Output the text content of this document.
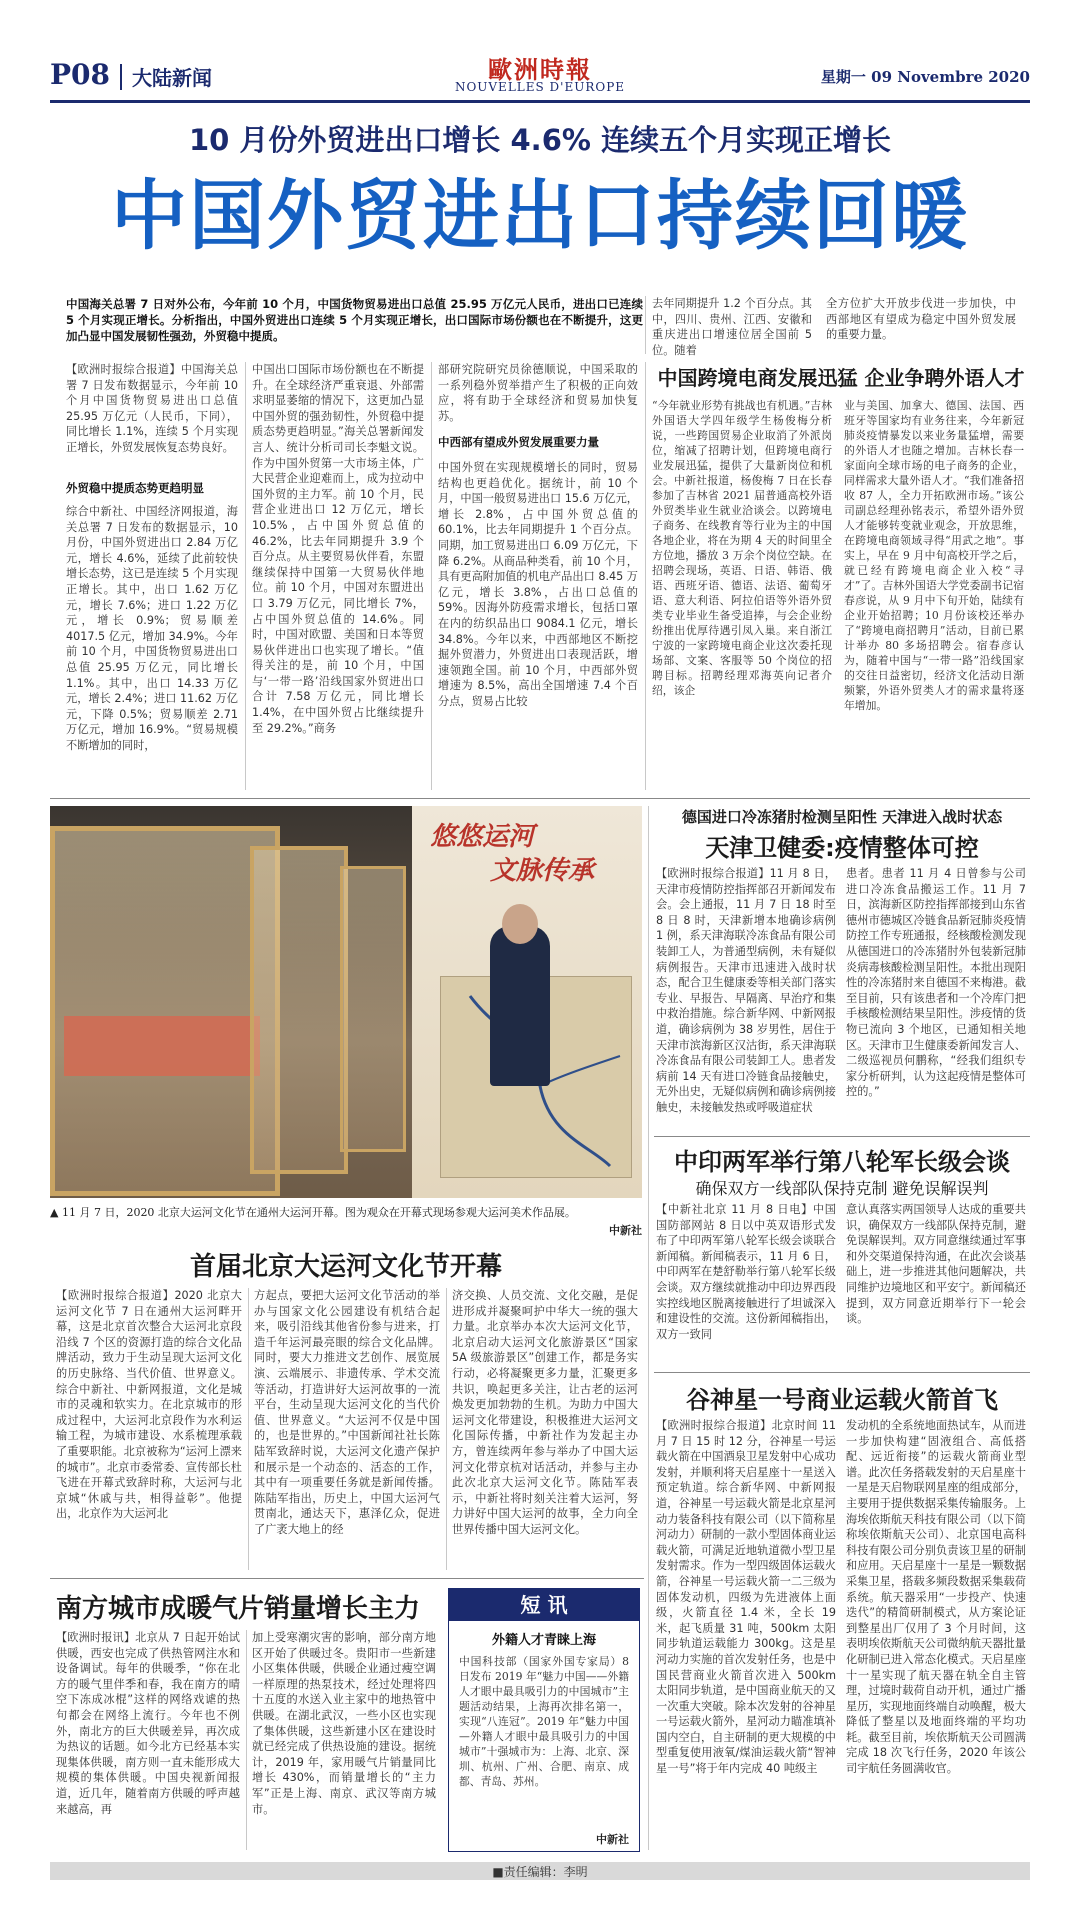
P08 大陆新闻	歐洲時報
NOUVELLES D'EUROPE
星期一 09 Novembre 2020
10 月份外贸进出口增长 4.6% 连续五个月实现正增长
中国外贸进出口持续回暖
中国海关总署 7 日对外公布，今年前 10 个月，中国货物贸易进出口总值 25.95 万亿元人民币，进出口已连续 5 个月实现正增长。分析指出，中国外贸进出口连续 5 个月实现正增长，出口国际市场份额也在不断提升，这更加凸显中国发展韧性强劲，外贸稳中提质。
【欧洲时报综合报道】中国海关总署 7 日发布数据显示，今年前 10 个月中国货物贸易进出口总值 25.95 万亿元（人民币，下同），同比增长 1.1%，连续 5 个月实现正增长，外贸发展恢复态势良好。
外贸稳中提质态势更趋明显
综合中新社、中国经济网报道，海关总署 7 日发布的数据显示，10 月份，中国外贸进出口 2.84 万亿元，增长 4.6%，延续了此前较快增长态势，这已是连续 5 个月实现正增长。其中，出口 1.62 万亿元，增长 7.6%；进口 1.22 万亿元，增长 0.9%；贸易顺差 4017.5 亿元，增加 34.9%。今年前 10 个月，中国货物贸易进出口总值 25.95 万亿元，同比增长 1.1%。其中，出口 14.33 万亿元，增长 2.4%；进口 11.62 万亿元，下降 0.5%；贸易顺差 2.71 万亿元，增加 16.9%。“贸易规模不断增加的同时，
中国出口国际市场份额也在不断提升。在全球经济严重衰退、外部需求明显萎缩的情况下，这更加凸显中国外贸的强劲韧性，外贸稳中提质态势更趋明显。”海关总署新闻发言人、统计分析司司长李魁文说。作为中国外贸第一大市场主体，广大民营企业迎难而上，成为拉动中国外贸的主力军。前 10 个月，民营企业进出口 12 万亿元，增长 10.5%，占中国外贸总值的 46.2%，比去年同期提升 3.9 个百分点。从主要贸易伙伴看，东盟继续保持中国第一大贸易伙伴地位。前 10 个月，中国对东盟进出口 3.79 万亿元，同比增长 7%，占中国外贸总值的 14.6%。同时，中国对欧盟、美国和日本等贸易伙伴进出口也实现了增长。“值得关注的是，前 10 个月，中国与‘一带一路’沿线国家外贸进出口合计 7.58 万亿元，同比增长 1.4%，在中国外贸占比继续提升至 29.2%。”商务
部研究院研究员徐德顺说，中国采取的一系列稳外贸举措产生了积极的正向效应，将有助于全球经济和贸易加快复苏。
中西部有望成外贸发展重要力量
中国外贸在实现规模增长的同时，贸易结构也更趋优化。据统计，前 10 个月，中国一般贸易进出口 15.6 万亿元，增长 2.8%，占中国外贸总值的 60.1%，比去年同期提升 1 个百分点。同期，加工贸易进出口 6.09 万亿元，下降 6.2%。从商品种类看，前 10 个月，具有更高附加值的机电产品出口 8.45 万亿元，增长 3.8%，占出口总值的 59%。因海外防疫需求增长，包括口罩在内的纺织品出口 9084.1 亿元，增长 34.8%。今年以来，中西部地区不断挖掘外贸潜力，外贸进出口表现活跃，增速领跑全国。前 10 个月，中西部外贸增速为 8.5%，高出全国增速 7.4 个百分点，贸易占比较
去年同期提升 1.2 个百分点。其中，四川、贵州、江西、安徽和重庆进出口增速位居全国前 5 位。随着
全方位扩大开放步伐进一步加快，中西部地区有望成为稳定中国外贸发展的重要力量。
中国跨境电商发展迅猛 企业争聘外语人才
“今年就业形势有挑战也有机遇。”吉林外国语大学四年级学生杨俊梅分析说，一些跨国贸易企业取消了外派岗位，缩减了招聘计划，但跨境电商行业发展迅猛，提供了大量新岗位和机会。中新社报道，杨俊梅 7 日在长春参加了吉林省 2021 届普通高校外语外贸类毕业生就业洽谈会。以跨境电子商务、在线教育等行业为主的中国各地企业，将在为期 4 天的时间里全方位地，播放 3 万余个岗位空缺。在招聘会现场，英语、日语、韩语、俄语、西班牙语、德语、法语、葡萄牙语、意大利语、阿拉伯语等外语外贸类专业毕业生备受追捧，与会企业纷纷推出优厚待遇引凤入巢。来自浙江宁波的一家跨境电商企业这次委托现场部、文案、客服等 50 个岗位的招聘目标。招聘经理邓海英向记者介绍，该企
业与美国、加拿大、德国、法国、西班牙等国家均有业务往来，今年新冠肺炎疫情暴发以来业务量猛增，需要的外语人才也随之增加。吉林长春一家面向全球市场的电子商务的企业，同样需求大量外语人才。“我们准备招收 87 人，全力开拓欧洲市场。”该公司副总经理孙铭表示，希望外语外贸人才能够转变就业观念，开放思维，在跨境电商领域寻得“用武之地”。事实上，早在 9 月中旬高校开学之后，就已经有跨境电商企业入校“寻才”了。吉林外国语大学党委副书记宿春彦说，从 9 月中下旬开始，陆续有企业开始招聘；10 月份该校还举办了“跨境电商招聘月”活动，目前已累计举办 80 多场招聘会。宿春彦认为，随着中国与“一带一路”沿线国家的交往日益密切，经济文化活动日渐频繁，外语外贸类人才的需求量将逐年增加。
悠悠运河
文脉传承
▲ 11 月 7 日，2020 北京大运河文化节在通州大运河开幕。图为观众在开幕式现场参观大运河美术作品展。
中新社
首届北京大运河文化节开幕
【欧洲时报综合报道】2020 北京大运河文化节 7 日在通州大运河畔开幕，这是北京首次整合大运河北京段沿线 7 个区的资源打造的综合文化品牌活动，致力于生动呈现大运河文化的历史脉络、当代价值、世界意义。综合中新社、中新网报道，文化是城市的灵魂和软实力。在北京城市的形成过程中，大运河北京段作为水利运输工程，为城市建设、水系梳理承载了重要职能。北京被称为“运河上漂来的城市”。北京市委常委、宣传部长杜飞进在开幕式致辞时称，大运河与北京城“休戚与共，相得益彰”。他提出，北京作为大运河北
方起点，要把大运河文化节活动的举办与国家文化公园建设有机结合起来，吸引沿线其他省份参与进来，打造千年运河最亮眼的综合文化品牌。同时，要大力推进文艺创作、展览展演、云端展示、非遗传承、学术交流等活动，打造讲好大运河故事的一流平台，生动呈现大运河文化的当代价值、世界意义。“大运河不仅是中国的，也是世界的。”中国新闻社社长陈陆军致辞时说，大运河文化遗产保护和展示是一个动态的、活态的工作，其中有一项重要任务就是新闻传播。陈陆军指出，历史上，中国大运河气贯南北，通达天下，惠泽亿众，促进了广袤大地上的经
济交换、人员交流、文化交融，是促进形成并凝聚呵护中华大一统的强大力量。北京举办本次大运河文化节，北京启动大运河文化旅游景区“国家 5A 级旅游景区”创建工作，都是务实行动，必将凝聚更多力量，汇聚更多共识，唤起更多关注，让古老的运河焕发更加勃勃的生机。为助力中国大运河文化带建设，积极推进大运河文化国际传播，中新社作为发起主办方，曾连续两年参与举办了中国大运河文化带京杭对话活动，并参与主办此次北京大运河文化节。陈陆军表示，中新社将时刻关注着大运河，努力讲好中国大运河的故事，全力向全世界传播中国大运河文化。
德国进口冷冻猪肘检测呈阳性 天津进入战时状态
天津卫健委:疫情整体可控
【欧洲时报综合报道】11 月 8 日，天津市疫情防控指挥部召开新闻发布会。会上通报，11 月 7 日 18 时至 8 日 8 时，天津新增本地确诊病例 1 例，系天津海联冷冻食品有限公司装卸工人，为普通型病例，未有疑似病例报告。天津市迅速进入战时状态，配合卫生健康委等相关部门落实专业、早报告、早隔离、早治疗和集中救治措施。综合新华网、中新网报道，确诊病例为 38 岁男性，居住于天津市滨海新区汉沽街，系天津海联冷冻食品有限公司装卸工人。患者发病前 14 天有进口冷链食品接触史，无外出史，无疑似病例和确诊病例接触史，未接触发热或呼吸道症状
患者。患者 11 月 4 日曾参与公司进口冷冻食品搬运工作。11 月 7 日，滨海新区防控指挥部接到山东省德州市德城区冷链食品新冠肺炎疫情防控工作专班通报，经核酸检测发现从德国进口的冷冻猪肘外包装新冠肺炎病毒核酸检测呈阳性。本批出现阳性的冷冻猪肘来自德国不来梅港。截至目前，只有该患者和一个冷库门把手核酸检测结果呈阳性。涉疫情的货物已流向 3 个地区，已通知相关地区。天津市卫生健康委新闻发言人、二级巡视员何鹏称，“经我们组织专家分析研判，认为这起疫情是整体可控的。”
中印两军举行第八轮军长级会谈
确保双方一线部队保持克制 避免误解误判
【中新社北京 11 月 8 日电】中国国防部网站 8 日以中英双语形式发布了中印两军第八轮军长级会谈联合新闻稿。新闻稿表示，11 月 6 日，中印两军在楚舒勒举行第八轮军长级会谈。双方继续就推动中印边界西段实控线地区脱离接触进行了坦诚深入和建设性的交流。这份新闻稿指出，双方一致同
意认真落实两国领导人达成的重要共识，确保双方一线部队保持克制，避免误解误判。双方同意继续通过军事和外交渠道保持沟通，在此次会谈基础上，进一步推进其他问题解决，共同维护边境地区和平安宁。新闻稿还提到，双方同意近期举行下一轮会谈。
谷神星一号商业运载火箭首飞
【欧洲时报综合报道】北京时间 11 月 7 日 15 时 12 分，谷神星一号运载火箭在中国酒泉卫星发射中心成功发射，并顺利将天启星座十一星送入预定轨道。综合新华网、中新网报道，谷神星一号运载火箭是北京星河动力装备科技有限公司（以下简称星河动力）研制的一款小型固体商业运载火箭，可满足近地轨道微小型卫星发射需求。作为一型四级固体运载火箭，谷神星一号运载火箭一二三级为固体发动机，四级为先进液体上面级，火箭直径 1.4 米，全长 19 米，起飞质量 31 吨，500km 太阳同步轨道运载能力 300kg。这是星河动力实施的首次发射任务，也是中国民营商业火箭首次进入 500km 太阳同步轨道，是中国商业航天的又一次重大突破。除本次发射的谷神星一号运载火箭外，星河动力瞄准填补国内空白，自主研制的更大规模的中型重复使用液氧/煤油运载火箭“智神星一号”将于年内完成 40 吨级主
发动机的全系统地面热试车，从而进一步加快构建“固液组合、高低搭配、远近衔接”的运载火箭商业型谱。此次任务搭载发射的天启星座十一星是天启物联网星座的组成部分，主要用于提供数据采集传输服务。上海埃依斯航天科技有限公司（以下简称埃依斯航天公司）、北京国电高科科技有限公司分别负责该卫星的研制和应用。天启星座十一星是一颗数据采集卫星，搭载多频段数据采集载荷系统。航天器采用“一步投产、快速迭代”的精简研制模式，从方案论证到整星出厂仅用了 3 个月时间，这表明埃依斯航天公司微纳航天器批量化研制已进入常态化模式。天启星座十一星实现了航天器在轨全自主管理，过境时载荷自动开机，通过广播星历，实现地面终端自动唤醒，极大降低了整星以及地面终端的平均功耗。截至目前，埃依斯航天公司圆满完成 18 次飞行任务，2020 年该公司宇航任务圆满收官。
南方城市成暖气片销量增长主力
【欧洲时报讯】北京从 7 日起开始试供暖，西安也完成了供热管网注水和设备调试。每年的供暖季，“你在北方的暖气里伴季和春，我在南方的晴空下冻成冰棍”这样的网络戏谑的热句都会在网络上流行。今年也不例外，南北方的巨大供暖差异，再次成为热议的话题。如今北方已经基本实现集体供暖，南方则一直未能形成大规模的集体供暖。中国央视新闻报道，近几年，随着南方供暖的呼声越来越高，再
加上受寒潮灾害的影响，部分南方地区开始了供暖过冬。贵阳市一些新建小区集体供暖，供暖企业通过瘦空调一样原理的热泵技术，经过处理将四十五度的水送入业主家中的地热管中供暖。在湖北武汉，一些小区也实现了集体供暖，这些新建小区在建设时就已经完成了供热设施的建设。据统计，2019 年，家用暖气片销量同比增长 430%，而销量增长的“主力军”正是上海、南京、武汉等南方城市。
短 讯
外籍人才青睐上海
中国科技部（国家外国专家局）8 日发布 2019 年“魅力中国——外籍人才眼中最具吸引力的中国城市”主题活动结果，上海再次排名第一，实现“八连冠”。2019 年“魅力中国—外籍人才眼中最具吸引力的中国城市”十强城市为：上海、北京、深圳、杭州、广州、合肥、南京、成都、青岛、苏州。
中新社
■责任编辑：李明
